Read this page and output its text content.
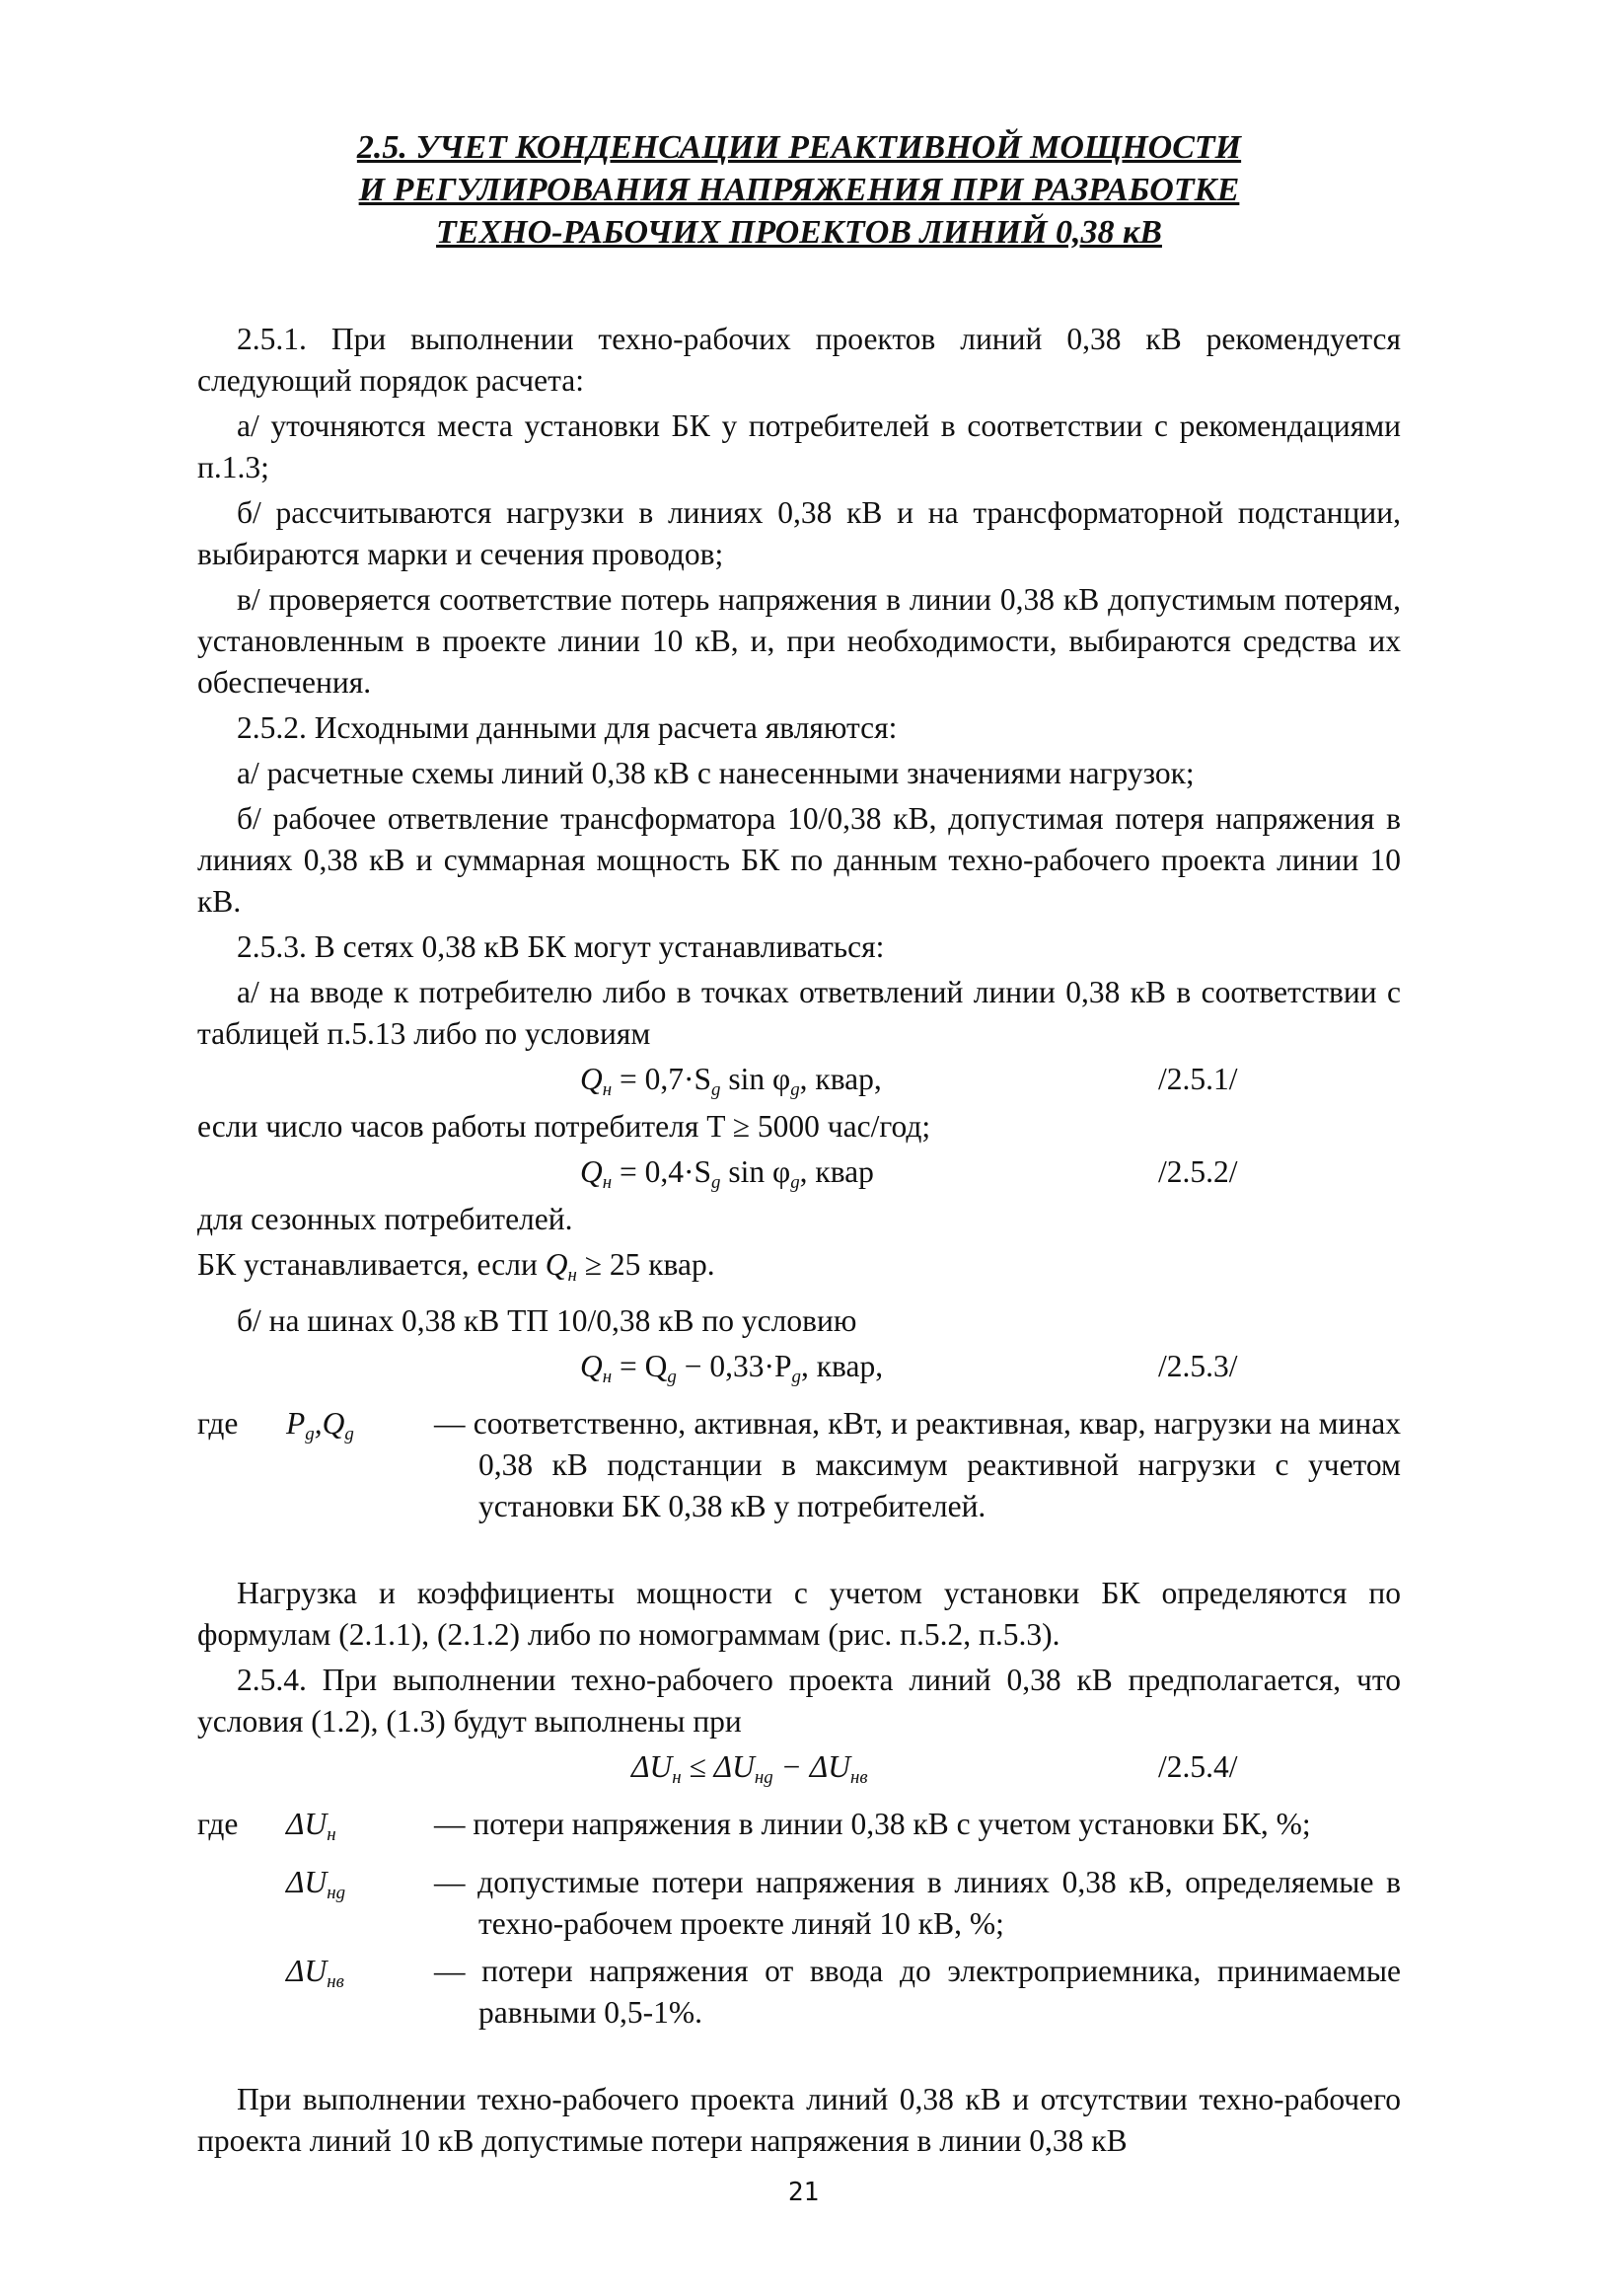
2.5. УЧЕТ КОНДЕНСАЦИИ РЕАКТИВНОЙ МОЩНОСТИ
И РЕГУЛИРОВАНИЯ НАПРЯЖЕНИЯ ПРИ РАЗРАБОТКЕ
ТЕХНО-РАБОЧИХ ПРОЕКТОВ ЛИНИЙ 0,38 кВ

2.5.1. При выполнении техно-рабочих проектов линий 0,38 кВ рекомендуется следующий порядок расчета:

а/ уточняются места установки БК у потребителей в соответствии с рекомендациями п.1.3;

б/ рассчитываются нагрузки в линиях 0,38 кВ и на трансформаторной подстанции, выбираются марки и сечения проводов;

в/ проверяется соответствие потерь напряжения в линии 0,38 кВ допустимым потерям, установленным в проекте линии 10 кВ, и, при необходимости, выбираются средства их обеспечения.

2.5.2. Исходными данными для расчета являются:

а/ расчетные схемы линий 0,38 кВ с нанесенными значениями нагрузок;

б/ рабочее ответвление трансформатора 10/0,38 кВ, допустимая потеря напряжения в линиях 0,38 кВ и суммарная мощность БК по данным техно-рабочего проекта линии 10 кВ.

2.5.3. В сетях 0,38 кВ БК могут устанавливаться:

а/ на вводе к потребителю либо в точках ответвлений линии 0,38 кВ в соответствии с таблицей п.5.13 либо по условиям

$Q_н = 0,7\cdot S_g$ $\sin \varphi_g$, квар,	/2.5.1/

если число часов работы потребителя T ≥ 5000 час/год;

$Q_н = 0,4\cdot S_g$ $\sin \varphi_g$, квар	/2.5.2/

для сезонных потребителей.

БК устанавливается, если $Q_н \ge 25$ квар.

б/ на шинах 0,38 кВ ТП 10/0,38 кВ по условию

$Q_н = Q_g - 0,33\cdot P_g$, квар,	/2.5.3/
где	$P_g,Q_g$	— соответственно, активная, кВт, и реактивная, квар, нагрузки на минах 0,38 кВ подстанции в максимум реактивной нагрузки с учетом установки БК 0,38 кВ у потребителей.

Нагрузка и коэффициенты мощности с учетом установки БК определяются по формулам (2.1.1), (2.1.2) либо по номограммам (рис. п.5.2, п.5.3).

2.5.4. При выполнении техно-рабочего проекта линий 0,38 кВ предполагается, что условия (1.2), (1.3) будут выполнены при

$\Delta U_н \le \Delta U_{нg} - \Delta U_{нв}$	/2.5.4/
где	$\Delta U_н$	— потери напряжения в линии 0,38 кВ с учетом установки БК, %;
$\Delta U_{нg}$	— допустимые потери напряжения в линиях 0,38 кВ, определяемые в техно-рабочем проекте линяй 10 кВ, %;
$\Delta U_{нв}$	— потери напряжения от ввода до электроприемника, принимаемые равными 0,5-1%.

При выполнении техно-рабочего проекта линий 0,38 кВ и отсутствии техно-рабочего проекта линий 10 кВ допустимые потери напряжения в линии 0,38 кВ

21
